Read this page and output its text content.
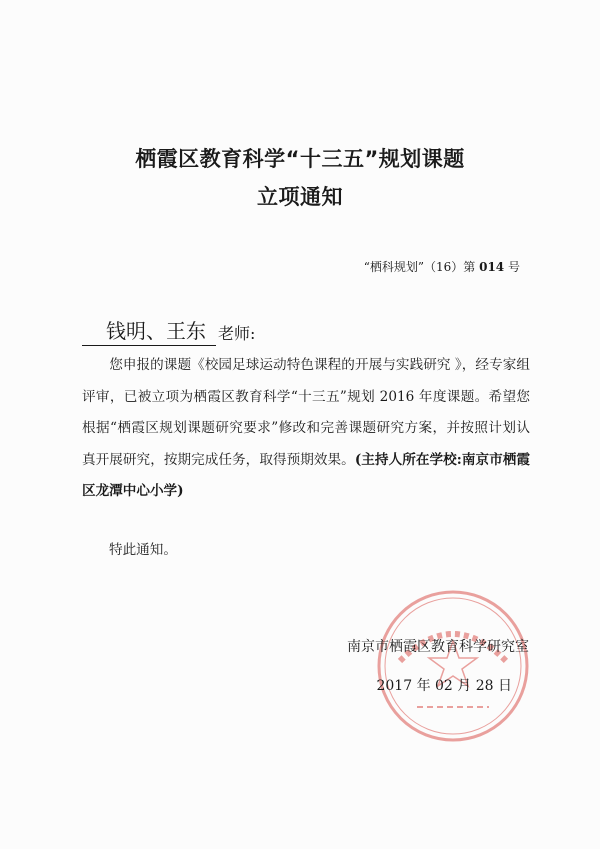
栖霞区教育科学“十三五”规划课题
立项通知
“栖科规划”（16）第 014 号
钱明、王东 老师:

您申报的课题《校园足球运动特色课程的开展与实践研究 》，经专家组评审，已被立项为栖霞区教育科学“十三五”规划 2016 年度课题。希望您根据“栖霞区规划课题研究要求”修改和完善课题研究方案，并按照计划认真开展研究，按期完成任务，取得预期效果。(主持人所在学校:南京市栖霞区龙潭中心小学)

特此通知。
南京市栖霞区教育科学研究室
2017 年 02 月 28 日
